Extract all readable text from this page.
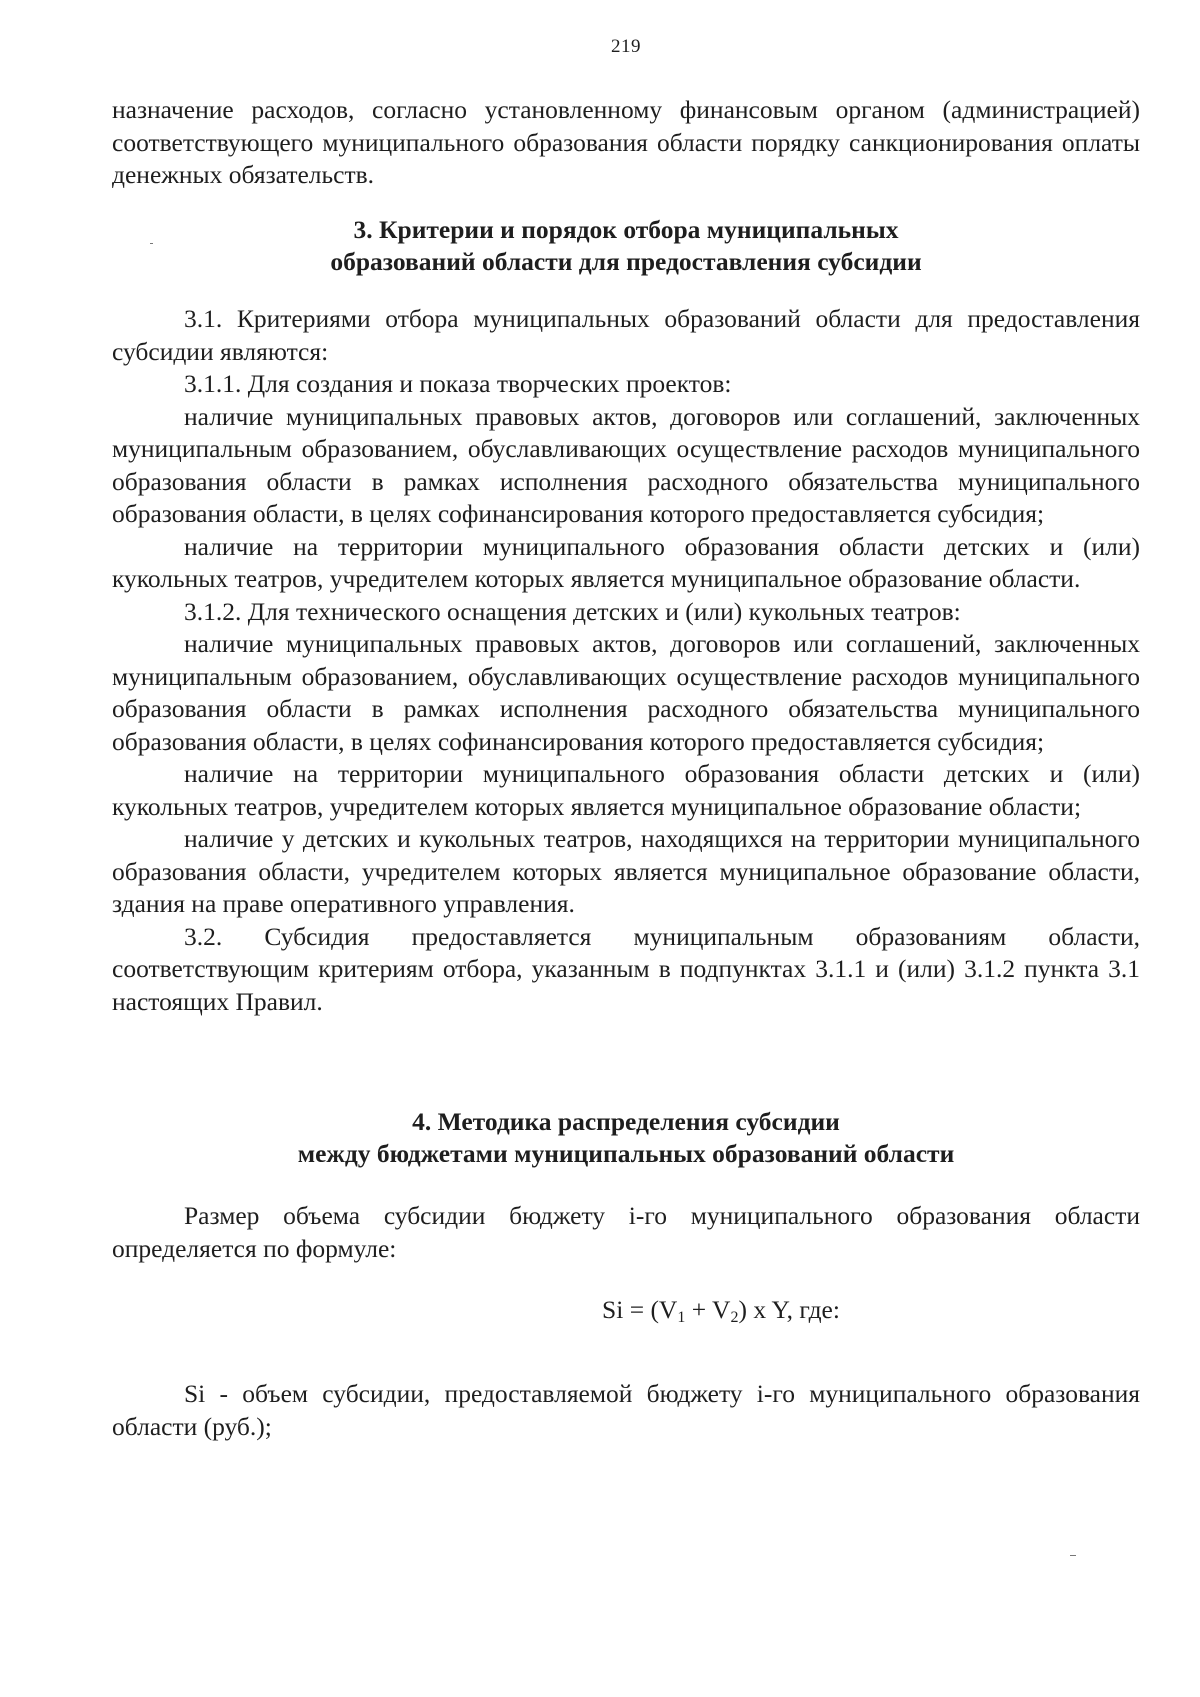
219

назначение расходов, согласно установленному финансовым органом (администрацией) соответствующего муниципального образования области порядку санкционирования оплаты денежных обязательств.

3. Критерии и порядок отбора муниципальных
образований области для предоставления субсидии

3.1. Критериями отбора муниципальных образований области для предоставления субсидии являются:

3.1.1. Для создания и показа творческих проектов:

наличие муниципальных правовых актов, договоров или соглашений, заключенных муниципальным образованием, обуславливающих осуществление расходов муниципального образования области в рамках исполнения расходного обязательства муниципального образования области, в целях софинансирования которого предоставляется субсидия;

наличие на территории муниципального образования области детских и (или) кукольных театров, учредителем которых является муниципальное образование области.

3.1.2. Для технического оснащения детских и (или) кукольных театров:

наличие муниципальных правовых актов, договоров или соглашений, заключенных муниципальным образованием, обуславливающих осуществление расходов муниципального образования области в рамках исполнения расходного обязательства муниципального образования области, в целях софинансирования которого предоставляется субсидия;

наличие на территории муниципального образования области детских и (или) кукольных театров, учредителем которых является муниципальное образование области;

наличие у детских и кукольных театров, находящихся на территории муниципального образования области, учредителем которых является муниципальное образование области, здания на праве оперативного управления.

3.2. Субсидия предоставляется муниципальным образованиям области, соответствующим критериям отбора, указанным в подпунктах 3.1.1 и (или) 3.1.2 пункта 3.1 настоящих Правил.

4. Методика распределения субсидии
между бюджетами муниципальных образований области

Размер объема субсидии бюджету i-го муниципального образования области определяется по формуле:

$Si = (V_1 + V_2)$ x Y, где:

Si - объем субсидии, предоставляемой бюджету i-го муниципального образования области (руб.);
